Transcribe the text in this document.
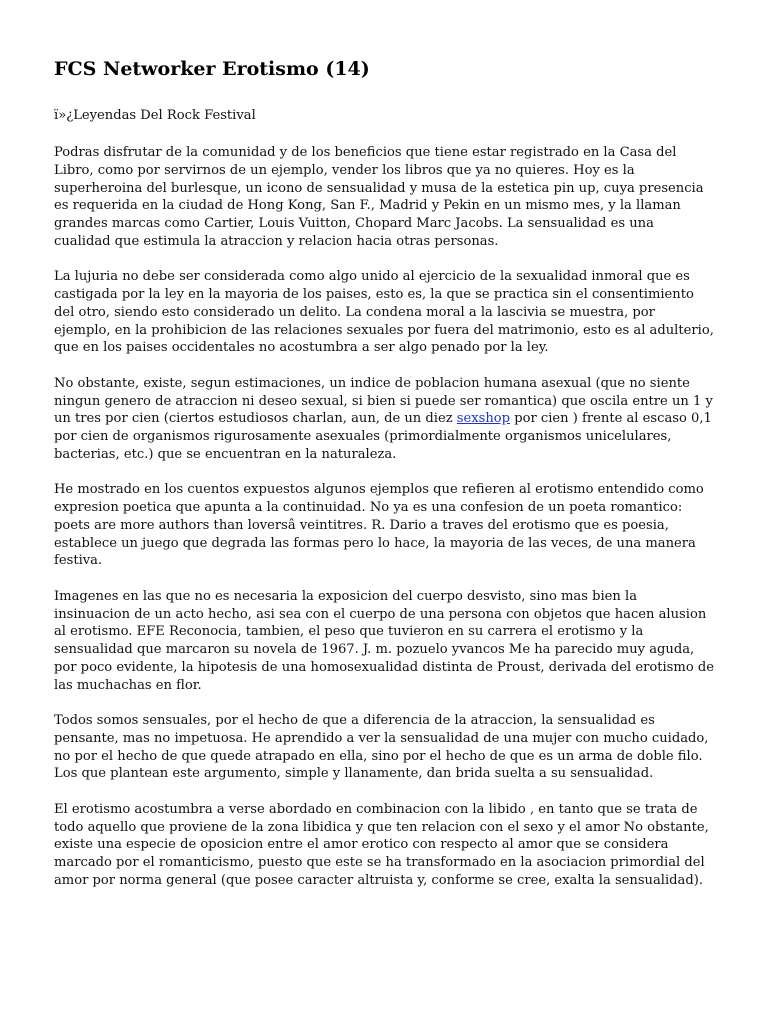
FCS Networker Erotismo (14)
ï»¿Leyendas Del Rock Festival

Podras disfrutar de la comunidad y de los beneficios que tiene estar registrado en la Casa del Libro, como por servirnos de un ejemplo, vender los libros que ya no quieres. Hoy es la superheroina del burlesque, un icono de sensualidad y musa de la estetica pin up, cuya presencia es requerida en la ciudad de Hong Kong, San F., Madrid y Pekin en un mismo mes, y la llaman grandes marcas como Cartier, Louis Vuitton, Chopard Marc Jacobs. La sensualidad es una cualidad que estimula la atraccion y relacion hacia otras personas.

La lujuria no debe ser considerada como algo unido al ejercicio de la sexualidad inmoral que es castigada por la ley en la mayoria de los paises, esto es, la que se practica sin el consentimiento del otro, siendo esto considerado un delito. La condena moral a la lascivia se muestra, por ejemplo, en la prohibicion de las relaciones sexuales por fuera del matrimonio, esto es al adulterio, que en los paises occidentales no acostumbra a ser algo penado por la ley.

No obstante, existe, segun estimaciones, un indice de poblacion humana asexual (que no siente ningun genero de atraccion ni deseo sexual, si bien si puede ser romantica) que oscila entre un 1 y un tres por cien (ciertos estudiosos charlan, aun, de un diez sexshop por cien ) frente al escaso 0,1 por cien de organismos rigurosamente asexuales (primordialmente organismos unicelulares, bacterias, etc.) que se encuentran en la naturaleza.

He mostrado en los cuentos expuestos algunos ejemplos que refieren al erotismo entendido como expresion poetica que apunta a la continuidad. No ya es una confesion de un poeta romantico: poets are more authors than loversâ veintitres. R. Dario a traves del erotismo que es poesia, establece un juego que degrada las formas pero lo hace, la mayoria de las veces, de una manera festiva.

Imagenes en las que no es necesaria la exposicion del cuerpo desvisto, sino mas bien la insinuacion de un acto hecho, asi sea con el cuerpo de una persona con objetos que hacen alusion al erotismo. EFE Reconocia, tambien, el peso que tuvieron en su carrera el erotismo y la sensualidad que marcaron su novela de 1967. J. m. pozuelo yvancos Me ha parecido muy aguda, por poco evidente, la hipotesis de una homosexualidad distinta de Proust, derivada del erotismo de las muchachas en flor.

Todos somos sensuales, por el hecho de que a diferencia de la atraccion, la sensualidad es pensante, mas no impetuosa. He aprendido a ver la sensualidad de una mujer con mucho cuidado, no por el hecho de que quede atrapado en ella, sino por el hecho de que es un arma de doble filo. Los que plantean este argumento, simple y llanamente, dan brida suelta a su sensualidad.

El erotismo acostumbra a verse abordado en combinacion con la libido , en tanto que se trata de todo aquello que proviene de la zona libidica y que ten relacion con el sexo y el amor No obstante, existe una especie de oposicion entre el amor erotico con respecto al amor que se considera marcado por el romanticismo, puesto que este se ha transformado en la asociacion primordial del amor por norma general (que posee caracter altruista y, conforme se cree, exalta la sensualidad).
